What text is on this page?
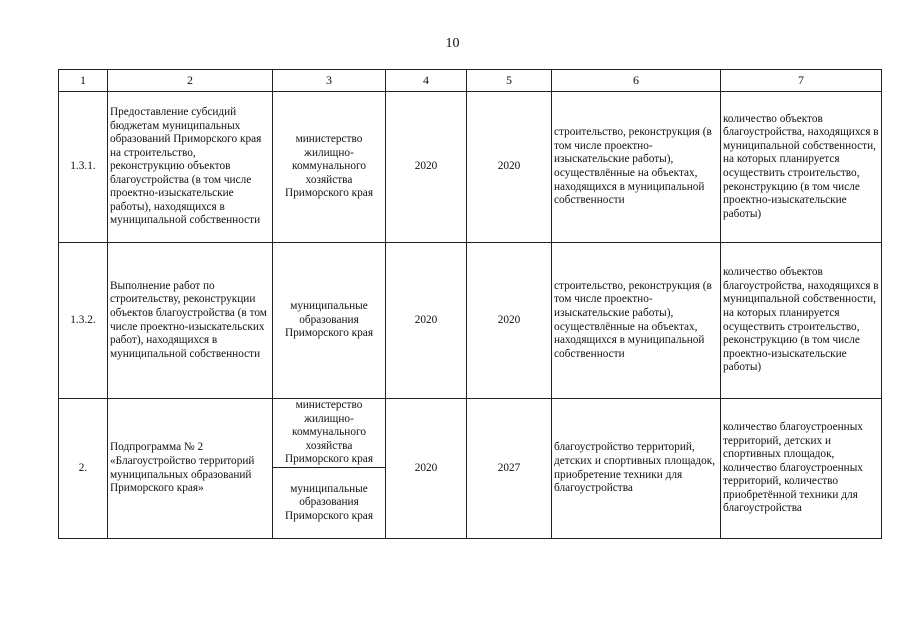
10
1	2	3	4	5	6	7
1.3.1.	Предоставление субсидий бюджетам муниципальных образований Приморского края на строительство, реконструкцию объектов благоустройства (в том числе проектно-изыскательские работы), находящихся в муниципальной собственности	министерство жилищно-коммунального хозяйства Приморского края	2020	2020	строительство, реконструкция (в том числе проектно-изыскательские работы), осуществлённые на объектах, находящихся в муниципальной собственности	количество объектов благоустройства, находящихся в муниципальной собственности, на которых планируется осуществить строительство, реконструкцию (в том числе проектно-изыскательские работы)
1.3.2.	Выполнение работ по строительству, реконструкции объектов благоустройства (в том числе проектно-изыскательских работ), находящихся в муниципальной собственности	муниципальные образования Приморского края	2020	2020	строительство, реконструкция (в том числе проектно-изыскательские работы), осуществлённые на объектах, находящихся в муниципальной собственности	количество объектов благоустройства, находящихся в муниципальной собственности, на которых планируется осуществить строительство, реконструкцию (в том числе проектно-изыскательские работы)
2.	Подпрограмма № 2 «Благоустройство территорий муниципальных образований Приморского края»	министерство жилищно-коммунального хозяйства Приморского края	2020	2027	благоустройство территорий, детских и спортивных площадок, приобретение техники для благоустройства	количество благоустроенных территорий, детских и спортивных площадок, количество благоустроенных территорий, количество приобретённой техники для благоустройства
		муниципальные образования Приморского края				
